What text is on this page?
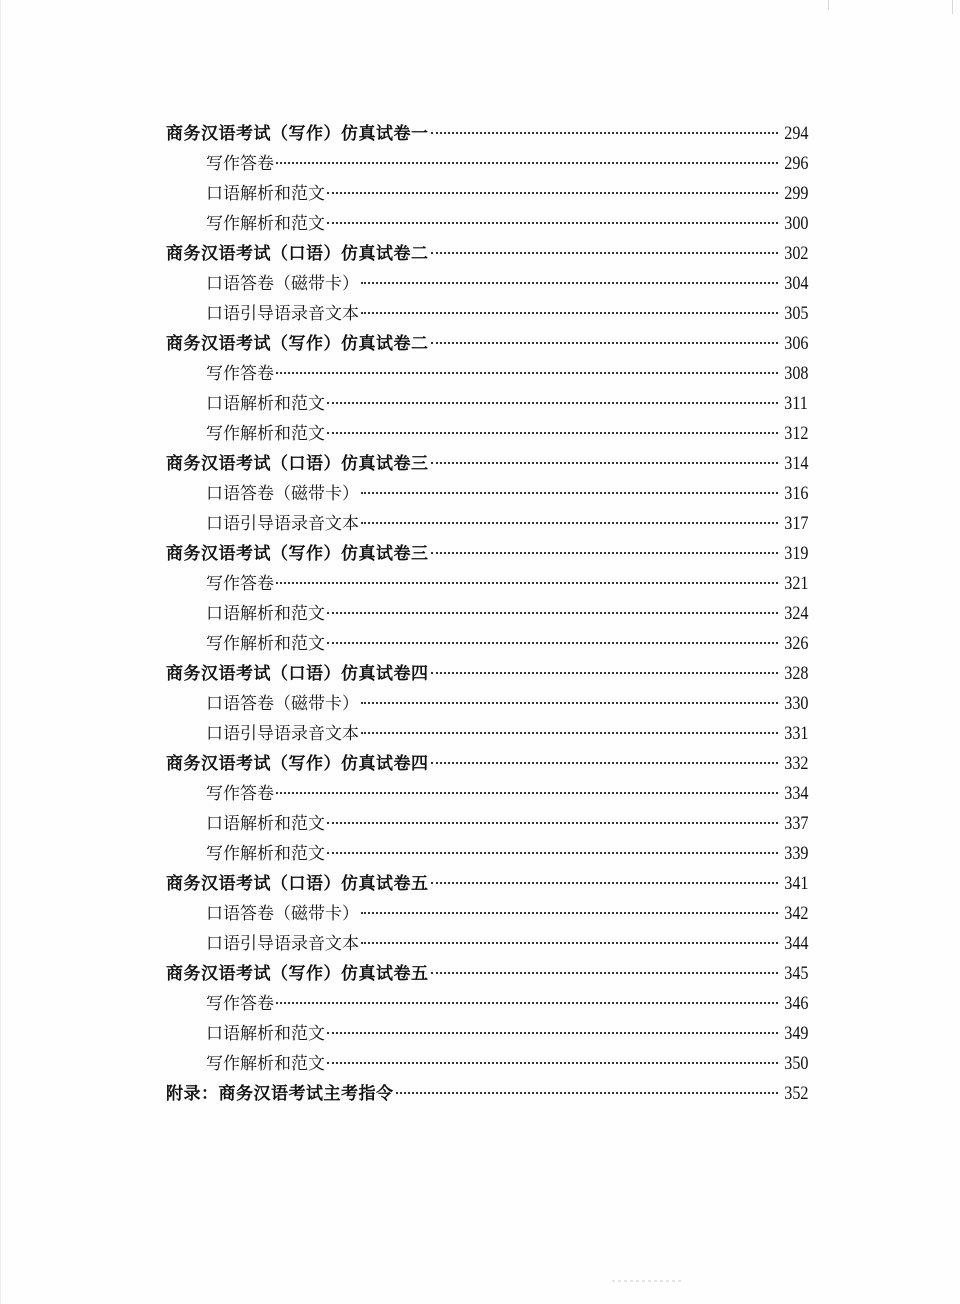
商务汉语考试（写作）仿真试卷一	294
写作答卷	296
口语解析和范文	299
写作解析和范文	300
商务汉语考试（口语）仿真试卷二	302
口语答卷（磁带卡）	304
口语引导语录音文本	305
商务汉语考试（写作）仿真试卷二	306
写作答卷	308
口语解析和范文	311
写作解析和范文	312
商务汉语考试（口语）仿真试卷三	314
口语答卷（磁带卡）	316
口语引导语录音文本	317
商务汉语考试（写作）仿真试卷三	319
写作答卷	321
口语解析和范文	324
写作解析和范文	326
商务汉语考试（口语）仿真试卷四	328
口语答卷（磁带卡）	330
口语引导语录音文本	331
商务汉语考试（写作）仿真试卷四	332
写作答卷	334
口语解析和范文	337
写作解析和范文	339
商务汉语考试（口语）仿真试卷五	341
口语答卷（磁带卡）	342
口语引导语录音文本	344
商务汉语考试（写作）仿真试卷五	345
写作答卷	346
口语解析和范文	349
写作解析和范文	350
附录：商务汉语考试主考指令	352
